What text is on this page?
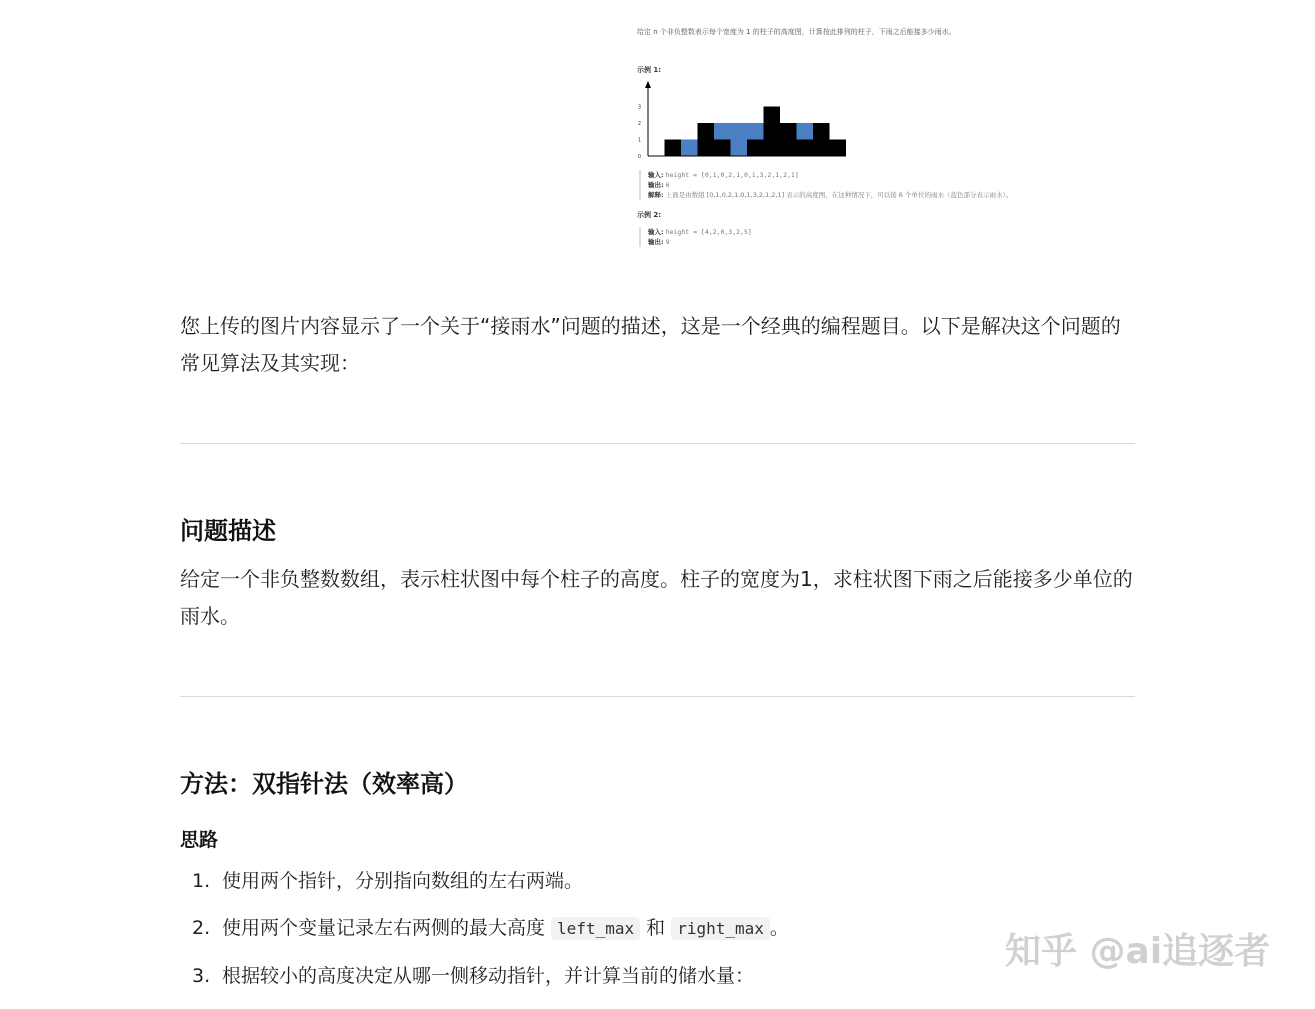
给定 n 个非负整数表示每个宽度为 1 的柱子的高度图，计算按此排列的柱子，下雨之后能接多少雨水。
示例 1:
0
1
2
3
输入: height = [0,1,0,2,1,0,1,3,2,1,2,1]
输出: 6
解释: 上面是由数组 [0,1,0,2,1,0,1,3,2,1,2,1] 表示的高度图，在这种情况下，可以接 6 个单位的雨水（蓝色部分表示雨水）。
示例 2:
输入: height = [4,2,0,3,2,5]
输出: 9

您上传的图片内容显示了一个关于“接雨水”问题的描述，这是一个经典的编程题目。以下是解决这个问题的常见算法及其实现：

问题描述

给定一个非负整数数组，表示柱状图中每个柱子的高度。柱子的宽度为1，求柱状图下雨之后能接多少单位的雨水。

方法：双指针法（效率高）
思路
1. 使用两个指针，分别指向数组的左右两端。
2. 使用两个变量记录左右两侧的最大高度 left_max 和 right_max 。
3. 根据较小的高度决定从哪一侧移动指针，并计算当前的储水量：
知乎 @ai追逐者
